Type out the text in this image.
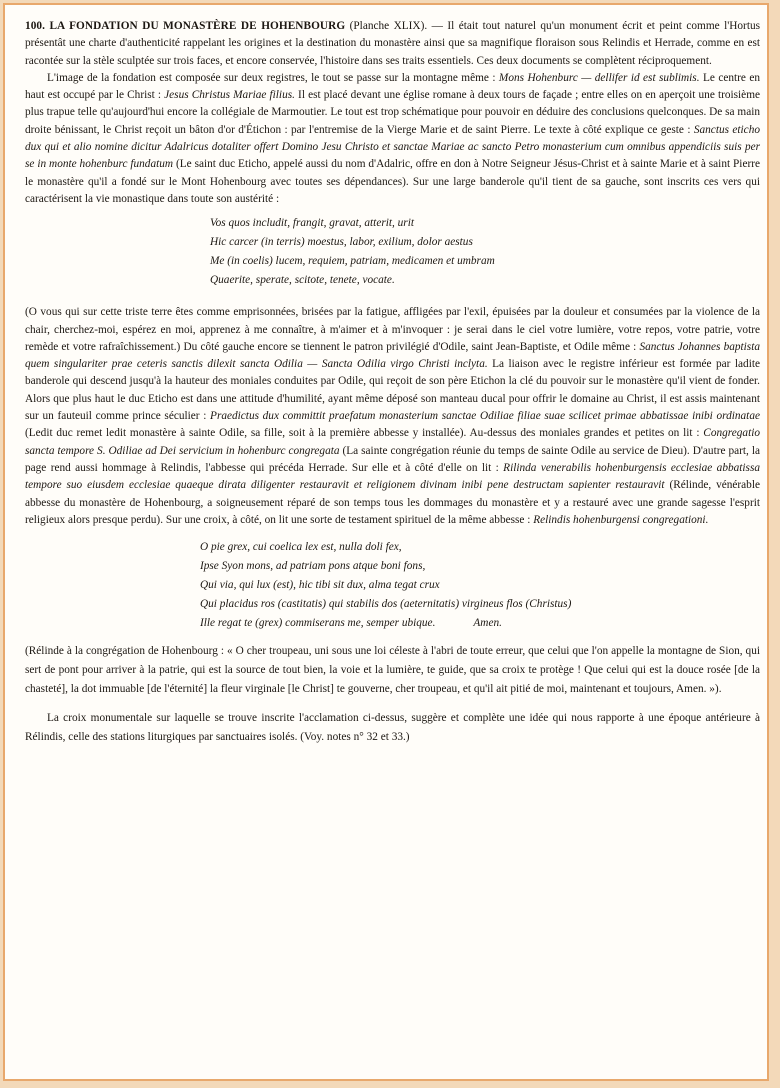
100. LA FONDATION DU MONASTÈRE DE HOHENBOURG (Planche XLIX). — Il était tout naturel qu'un monument écrit et peint comme l'Hortus présentât une charte d'authenticité rappelant les origines et la destination du monastère ainsi que sa magnifique floraison sous Relindis et Herrade, comme en est racontée sur la stèle sculptée sur trois faces, et encore conservée, l'histoire dans ses traits essentiels. Ces deux documents se complètent réciproquement.

L'image de la fondation est composée sur deux registres, le tout se passe sur la montagne même : Mons Hohenburc — dellifer id est sublimis. Le centre en haut est occupé par le Christ : Jesus Christus Mariae filius. Il est placé devant une église romane à deux tours de façade ; entre elles on en aperçoit une troisième plus trapue telle qu'aujourd'hui encore la collégiale de Marmoutier. Le tout est trop schématique pour pouvoir en déduire des conclusions quelconques. De sa main droite bénissant, le Christ reçoit un bâton d'or d'Étichon : par l'entremise de la Vierge Marie et de saint Pierre. Le texte à côté explique ce geste : Sanctus eticho dux qui et alio nomine dicitur Adalricus dotaliter offert Domino Jesu Christo et sanctae Mariae ac sancto Petro monasterium cum omnibus appendiciis suis per se in monte hohenburc fundatum (Le saint duc Eticho, appelé aussi du nom d'Adalric, offre en don à Notre Seigneur Jésus-Christ et à sainte Marie et à saint Pierre le monastère qu'il a fondé sur le Mont Hohenbourg avec toutes ses dépendances). Sur une large banderole qu'il tient de sa gauche, sont inscrits ces vers qui caractérisent la vie monastique dans toute son austérité :

Vos quos includit, frangit, gravat, atterit, urit
Hic carcer (in terris) moestus, labor, exilium, dolor aestus
Me (in coelis) lucem, requiem, patriam, medicamen et umbram
Quaerite, sperate, scitote, tenete, vocate.

(O vous qui sur cette triste terre êtes comme emprisonnées, brisées par la fatigue, affligées par l'exil, épuisées par la douleur et consumées par la violence de la chair, cherchez-moi, espérez en moi, apprenez à me connaître, à m'aimer et à m'invoquer : je serai dans le ciel votre lumière, votre repos, votre patrie, votre remède et votre rafraîchissement.) Du côté gauche encore se tiennent le patron privilégié d'Odile, saint Jean-Baptiste, et Odile même : Sanctus Johannes baptista quem singulariter prae ceteris sanctis dilexit sancta Odilia — Sancta Odilia virgo Christi inclyta. La liaison avec le registre inférieur est formée par ladite banderole qui descend jusqu'à la hauteur des moniales conduites par Odile, qui reçoit de son père Etichon la clé du pouvoir sur le monastère qu'il vient de fonder. Alors que plus haut le duc Eticho est dans une attitude d'humilité, ayant même déposé son manteau ducal pour offrir le domaine au Christ, il est assis maintenant sur un fauteuil comme prince séculier : Praedictus dux committit praefatum monasterium sanctae Odiliae filiae suae scilicet primae abbatissae inibi ordinatae (Ledit duc remet ledit monastère à sainte Odile, sa fille, soit à la première abbesse y installée). Au-dessus des moniales grandes et petites on lit : Congregatio sancta tempore S. Odiliae ad Dei servicium in hohenburc congregata (La sainte congrégation réunie du temps de sainte Odile au service de Dieu). D'autre part, la page rend aussi hommage à Relindis, l'abbesse qui précéda Herrade. Sur elle et à côté d'elle on lit : Rilinda venerabilis hohenburgensis ecclesiae abbatissa tempore suo eiusdem ecclesiae quaeque dirata diligenter restauravit et religionem divinam inibi pene destructam sapienter restauravit (Rélinde, vénérable abbesse du monastère de Hohenbourg, a soigneusement réparé de son temps tous les dommages du monastère et y a restauré avec une grande sagesse l'esprit religieux alors presque perdu). Sur une croix, à côté, on lit une sorte de testament spirituel de la même abbesse : Relindis hohenburgensi congregationi.

O pie grex, cui coelica lex est, nulla doli fex,
Ipse Syon mons, ad patriam pons atque boni fons,
Qui via, qui lux (est), hic tibi sit dux, alma tegat crux
Qui placidus ros (castitatis) qui stabilis dos (aeternitatis) virgineus flos (Christus)
Ille regat te (grex) commiserans me, semper ubique.	Amen.

(Rélinde à la congrégation de Hohenbourg : « O cher troupeau, uni sous une loi céleste à l'abri de toute erreur, que celui que l'on appelle la montagne de Sion, qui sert de pont pour arriver à la patrie, qui est la source de tout bien, la voie et la lumière, te guide, que sa croix te protège ! Que celui qui est la douce rosée [de la chasteté], la dot immuable [de l'éternité] la fleur virginale [le Christ] te gouverne, cher troupeau, et qu'il ait pitié de moi, maintenant et toujours, Amen. »).

La croix monumentale sur laquelle se trouve inscrite l'acclamation ci-dessus, suggère et complète une idée qui nous rapporte à une époque antérieure à Rélindis, celle des stations liturgiques par sanctuaires isolés. (Voy. notes n° 32 et 33.)
